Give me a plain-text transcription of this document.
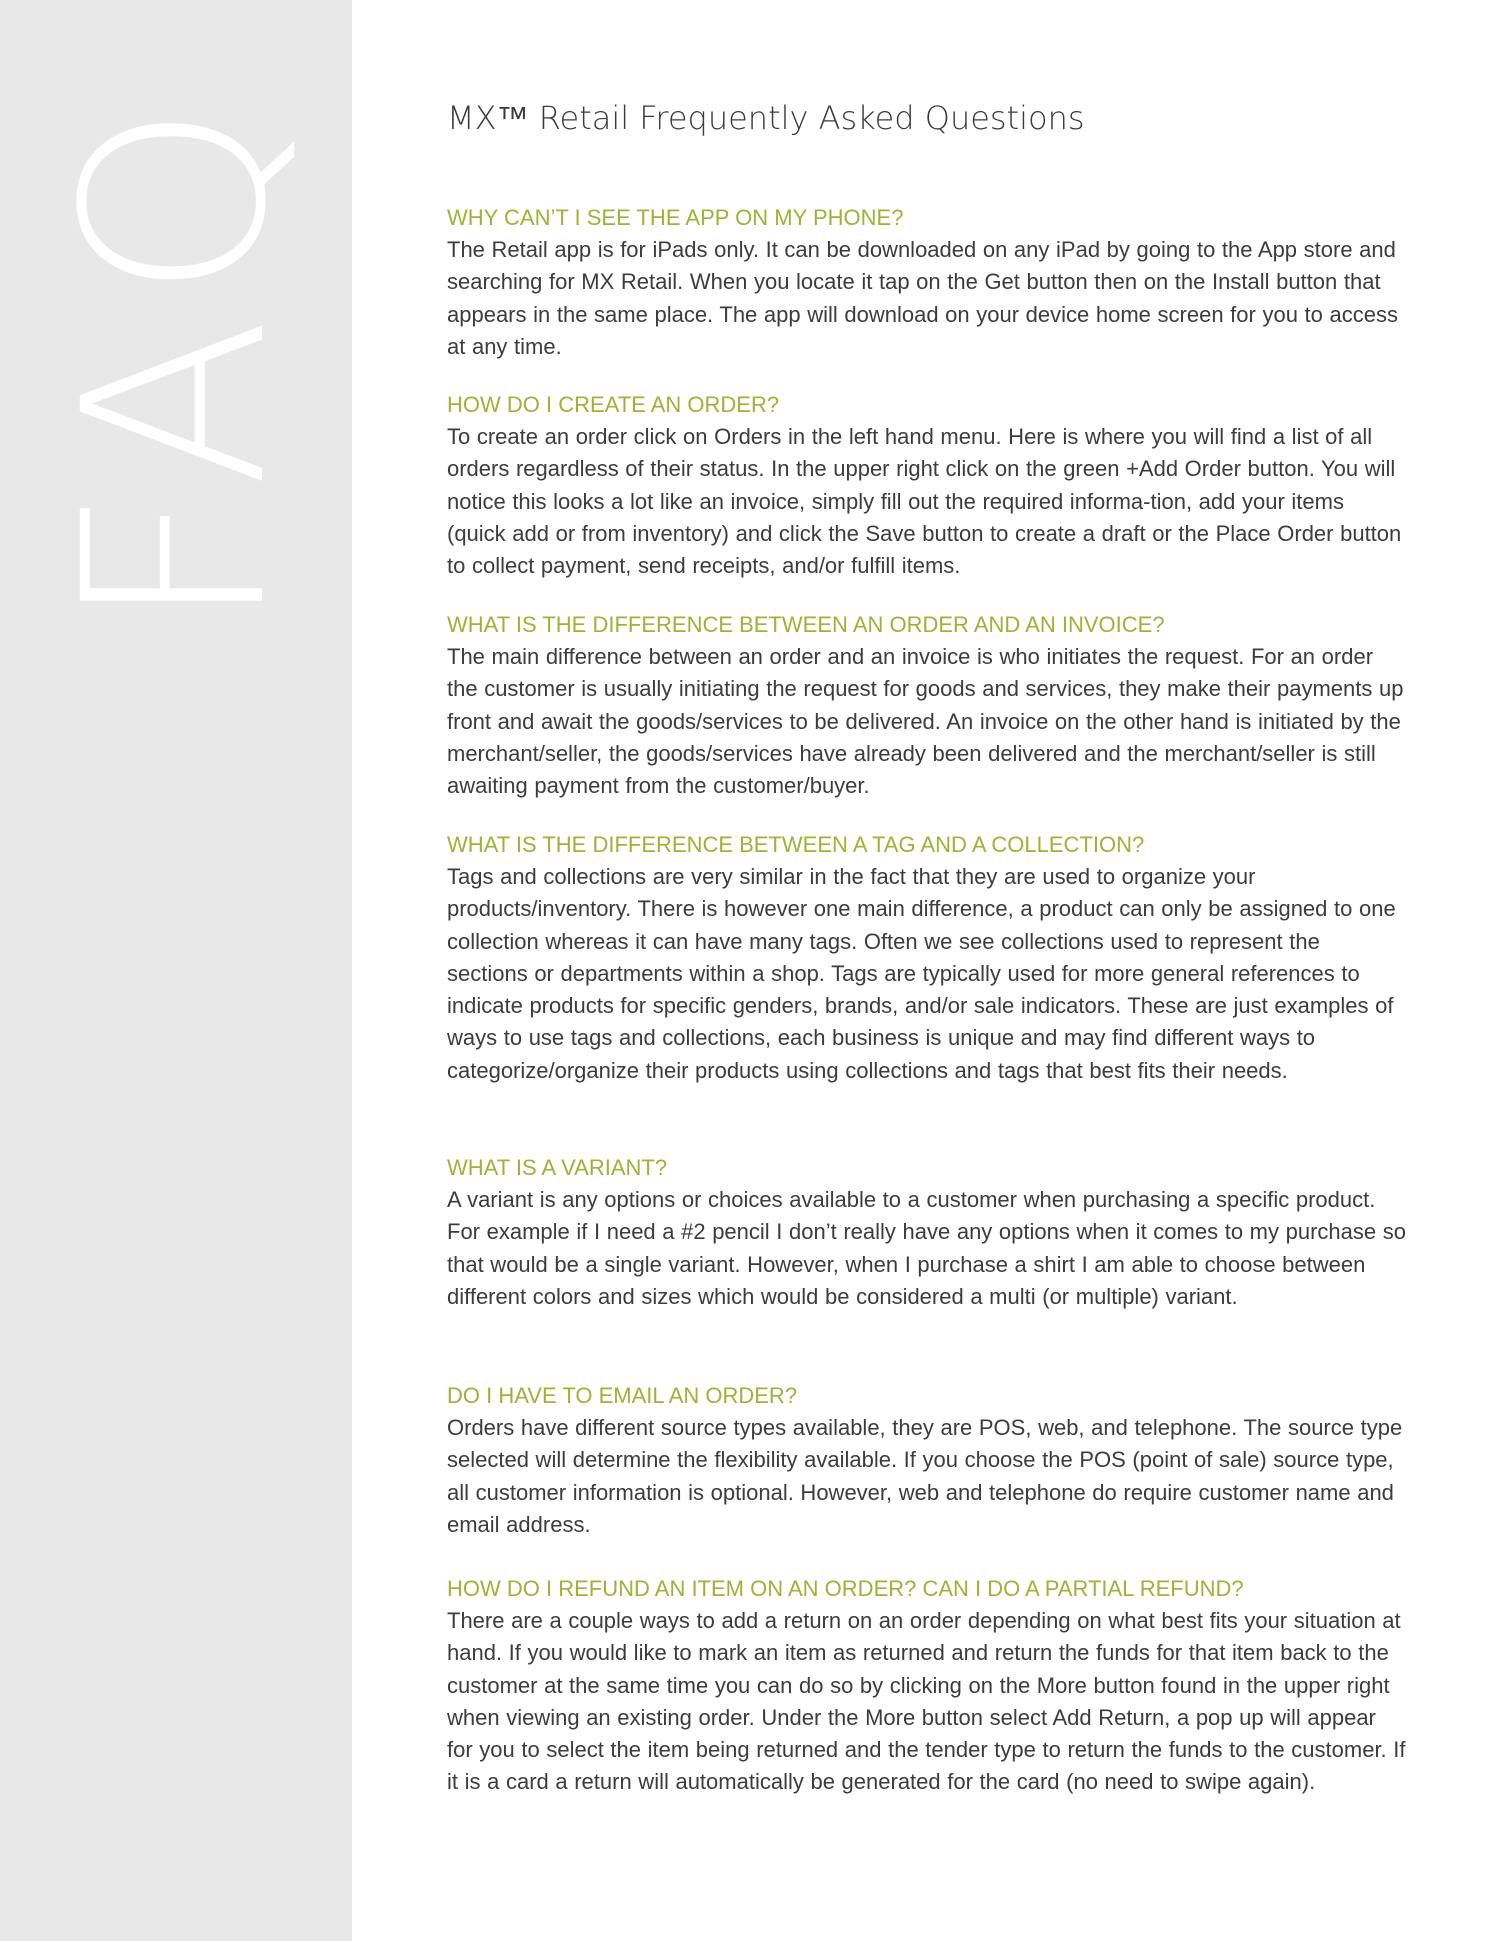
FAQ	MX™ Retail Frequently Asked Questions

WHY CAN’T I SEE THE APP ON MY PHONE?

The Retail app is for iPads only. It can be downloaded on any iPad by going to the App store and searching for MX Retail. When you locate it tap on the Get button then on the Install button that appears in the same place. The app will download on your device home screen for you to access at any time.

HOW DO I CREATE AN ORDER?

To create an order click on Orders in the left hand menu. Here is where you will find a list of all orders regardless of their status. In the upper right click on the green +Add Order button. You will notice this looks a lot like an invoice, simply fill out the required informa-tion, add your items (quick add or from inventory) and click the Save button to create a draft or the Place Order button to collect payment, send receipts, and/or fulfill items.

WHAT IS THE DIFFERENCE BETWEEN AN ORDER AND AN INVOICE?

The main difference between an order and an invoice is who initiates the request. For an order the customer is usually initiating the request for goods and services, they make their payments up front and await the goods/services to be delivered. An invoice on the other hand is initiated by the merchant/seller, the goods/services have already been delivered and the merchant/seller is still awaiting payment from the customer/buyer.

WHAT IS THE DIFFERENCE BETWEEN A TAG AND A COLLECTION?

Tags and collections are very similar in the fact that they are used to organize your products/inventory. There is however one main difference, a product can only be assigned to one collection whereas it can have many tags. Often we see collections used to represent the sections or departments within a shop. Tags are typically used for more general references to indicate products for specific genders, brands, and/or sale indicators. These are just examples of ways to use tags and collections, each business is unique and may find different ways to categorize/organize their products using collections and tags that best fits their needs.

WHAT IS A VARIANT?

A variant is any options or choices available to a customer when purchasing a specific product. For example if I need a #2 pencil I don’t really have any options when it comes to my purchase so that would be a single variant. However, when I purchase a shirt I am able to choose between different colors and sizes which would be considered a multi (or multiple) variant.

DO I HAVE TO EMAIL AN ORDER?

Orders have different source types available, they are POS, web, and telephone. The source type selected will determine the flexibility available. If you choose the POS (point of sale) source type, all customer information is optional. However, web and telephone do require customer name and email address.

HOW DO I REFUND AN ITEM ON AN ORDER? CAN I DO A PARTIAL REFUND?

There are a couple ways to add a return on an order depending on what best fits your situation at hand. If you would like to mark an item as returned and return the funds for that item back to the customer at the same time you can do so by clicking on the More button found in the upper right when viewing an existing order. Under the More button select Add Return, a pop up will appear for you to select the item being returned and the tender type to return the funds to the customer. If it is a card a return will automatically be generated for the card (no need to swipe again).
